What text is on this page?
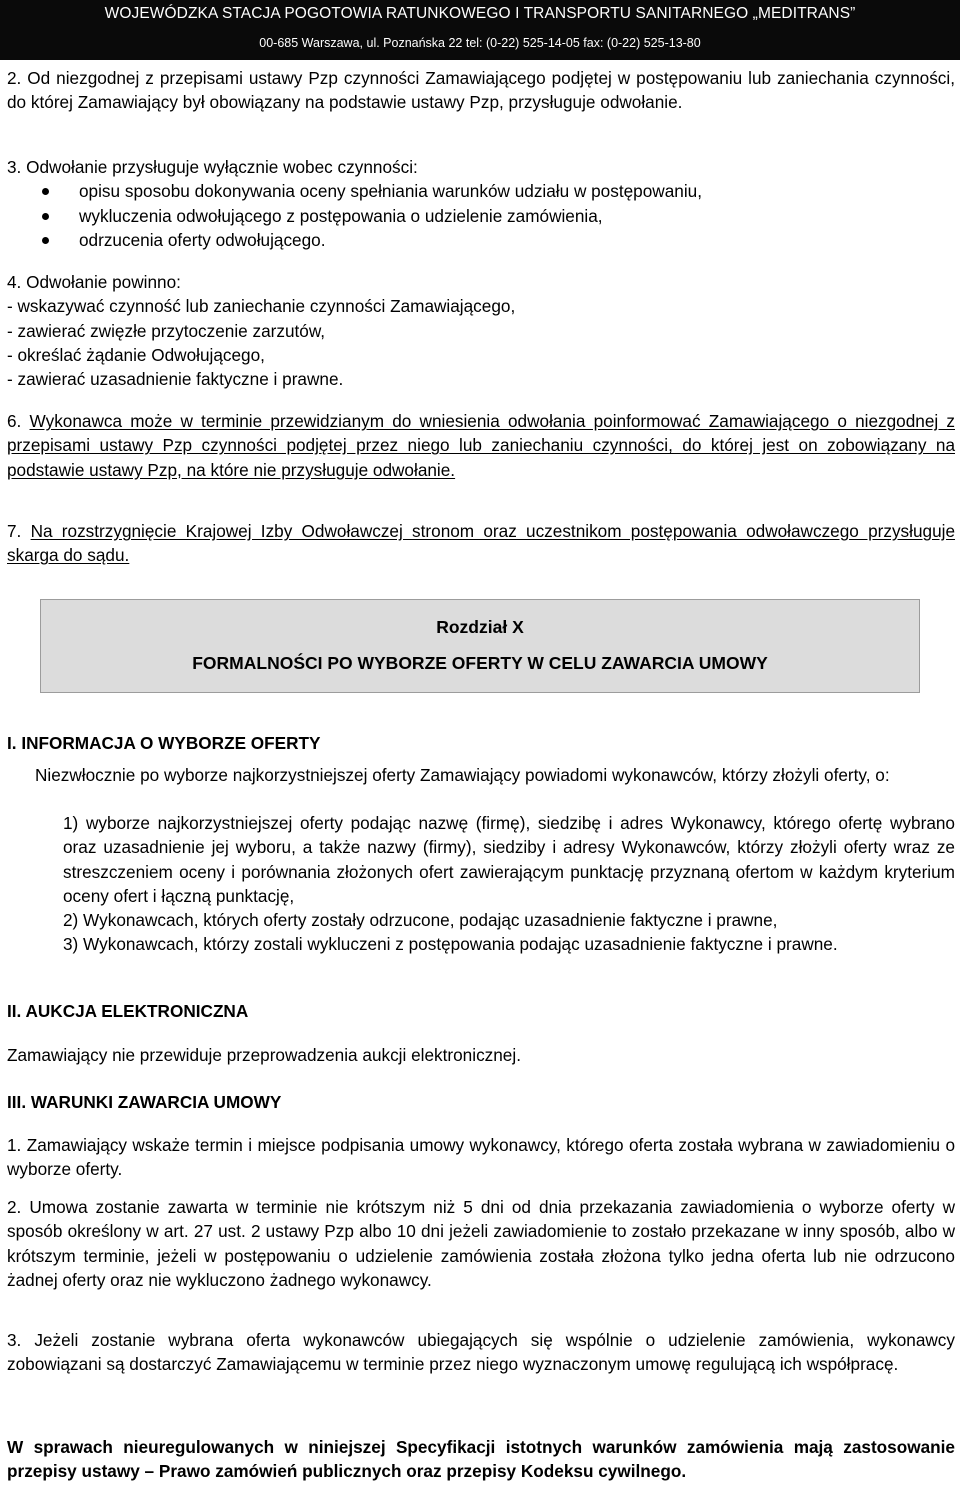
WOJEWÓDZKA STACJA POGOTOWIA RATUNKOWEGO I TRANSPORTU SANITARNEGO „MEDITRANS”
00-685 Warszawa, ul. Poznańska 22 tel: (0-22) 525-14-05 fax: (0-22) 525-13-80
2. Od niezgodnej z przepisami ustawy Pzp czynności Zamawiającego podjętej w postępowaniu lub zaniechania czynności, do której Zamawiający był obowiązany na podstawie ustawy Pzp, przysługuje odwołanie.
3. Odwołanie przysługuje wyłącznie wobec czynności:
opisu sposobu dokonywania oceny spełniania warunków udziału w postępowaniu,
wykluczenia odwołującego z postępowania o udzielenie zamówienia,
odrzucenia oferty odwołującego.
4. Odwołanie powinno:
- wskazywać czynność lub zaniechanie czynności Zamawiającego,
- zawierać zwięzłe przytoczenie zarzutów,
- określać żądanie Odwołującego,
- zawierać uzasadnienie faktyczne i prawne.
6. Wykonawca może w terminie przewidzianym do wniesienia odwołania poinformować Zamawiającego o niezgodnej z przepisami ustawy Pzp czynności podjętej przez niego lub zaniechaniu czynności, do której jest on zobowiązany na podstawie ustawy Pzp, na które nie przysługuje odwołanie.
7. Na rozstrzygnięcie Krajowej Izby Odwoławczej stronom oraz uczestnikom postępowania odwoławczego przysługuje skarga do sądu.
Rozdział X
FORMALNOŚCI PO WYBORZE OFERTY W CELU ZAWARCIA UMOWY
I. INFORMACJA O WYBORZE OFERTY
Niezwłocznie po wyborze najkorzystniejszej oferty Zamawiający powiadomi wykonawców, którzy złożyli oferty, o:
1) wyborze najkorzystniejszej oferty podając nazwę (firmę), siedzibę i adres Wykonawcy, którego ofertę wybrano oraz uzasadnienie jej wyboru, a także nazwy (firmy), siedziby i adresy Wykonawców, którzy złożyli oferty wraz ze streszczeniem oceny i porównania złożonych ofert zawierającym punktację przyznaną ofertom w każdym kryterium oceny ofert i łączną punktację,
2) Wykonawcach, których oferty zostały odrzucone, podając uzasadnienie faktyczne i prawne,
3) Wykonawcach, którzy zostali wykluczeni z postępowania podając uzasadnienie faktyczne i prawne.
II. AUKCJA ELEKTRONICZNA
Zamawiający nie przewiduje przeprowadzenia aukcji elektronicznej.
III. WARUNKI ZAWARCIA UMOWY
1. Zamawiający wskaże termin i miejsce podpisania umowy wykonawcy, którego oferta została wybrana w zawiadomieniu o wyborze oferty.
2. Umowa zostanie zawarta w terminie nie krótszym niż 5 dni od dnia przekazania zawiadomienia o wyborze oferty w sposób określony w art. 27 ust. 2 ustawy Pzp albo 10 dni jeżeli zawiadomienie to zostało przekazane w inny sposób, albo w krótszym terminie, jeżeli w postępowaniu o udzielenie zamówienia została złożona tylko jedna oferta lub nie odrzucono żadnej oferty oraz nie wykluczono żadnego wykonawcy.
3. Jeżeli zostanie wybrana oferta wykonawców ubiegających się wspólnie o udzielenie zamówienia, wykonawcy zobowiązani są dostarczyć Zamawiającemu w terminie przez niego wyznaczonym umowę regulującą ich współpracę.
W sprawach nieuregulowanych w niniejszej Specyfikacji istotnych warunków zamówienia mają zastosowanie przepisy ustawy – Prawo zamówień publicznych oraz przepisy Kodeksu cywilnego.
